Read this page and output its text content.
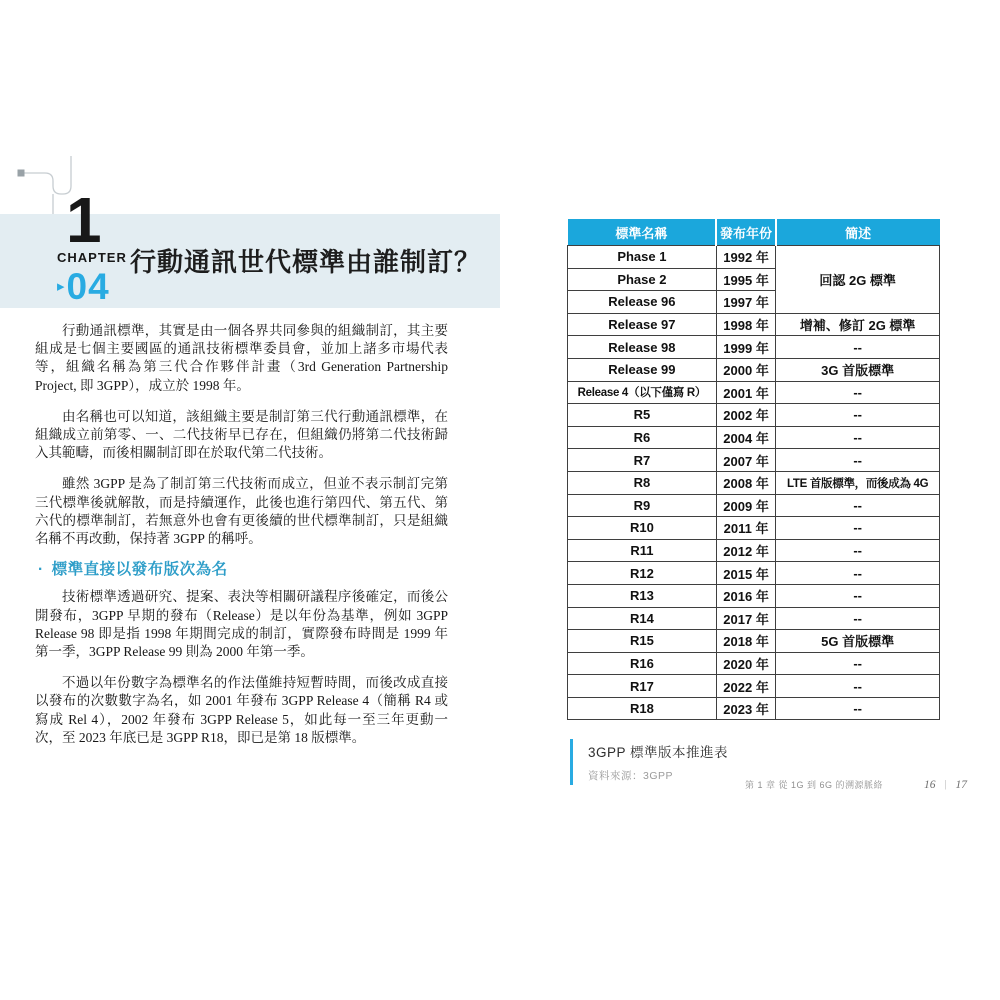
1
CHAPTER
▸ 04
行動通訊世代標準由誰制訂？

行動通訊標準，其實是由一個各界共同參與的組織制訂，其主要組成是七個主要國區的通訊技術標準委員會，並加上諸多市場代表等，組織名稱為第三代合作夥伴計畫（3rd Generation Partnership Project, 即 3GPP），成立於 1998 年。

由名稱也可以知道，該組織主要是制訂第三代行動通訊標準，在組織成立前第零、一、二代技術早已存在，但組織仍將第二代技術歸入其範疇，而後相關制訂即在於取代第二代技術。

雖然 3GPP 是為了制訂第三代技術而成立，但並不表示制訂完第三代標準後就解散，而是持續運作，此後也進行第四代、第五代、第六代的標準制訂，若無意外也會有更後續的世代標準制訂，只是組織名稱不再改動，保持著 3GPP 的稱呼。

· 標準直接以發布版次為名

技術標準透過研究、提案、表決等相關研議程序後確定，而後公開發布，3GPP 早期的發布（Release）是以年份為基準，例如 3GPP Release 98 即是指 1998 年期間完成的制訂，實際發布時間是 1999 年第一季，3GPP Release 99 則為 2000 年第一季。

不過以年份數字為標準名的作法僅維持短暫時間，而後改成直接以發布的次數數字為名，如 2001 年發布 3GPP Release 4（簡稱 R4 或寫成 Rel 4），2002 年發布 3GPP Release 5，如此每一至三年更動一次，至 2023 年底已是 3GPP R18，即已是第 18 版標準。

標準名稱	發布年份	簡述
Phase 1	1992 年	回認 2G 標準
Phase 2	1995 年	
Release 96	1997 年	
Release 97	1998 年	增補、修訂 2G 標準
Release 98	1999 年	--
Release 99	2000 年	3G 首版標準
Release 4（以下僅寫 R）	2001 年	--
R5	2002 年	--
R6	2004 年	--
R7	2007 年	--
R8	2008 年	LTE 首版標準，而後成為 4G
R9	2009 年	--
R10	2011 年	--
R11	2012 年	--
R12	2015 年	--
R13	2016 年	--
R14	2017 年	--
R15	2018 年	5G 首版標準
R16	2020 年	--
R17	2022 年	--
R18	2023 年	--
3GPP 標準版本推進表
資料來源：3GPP
第 1 章 從 1G 到 6G 的溯源脈絡	16 | 17
